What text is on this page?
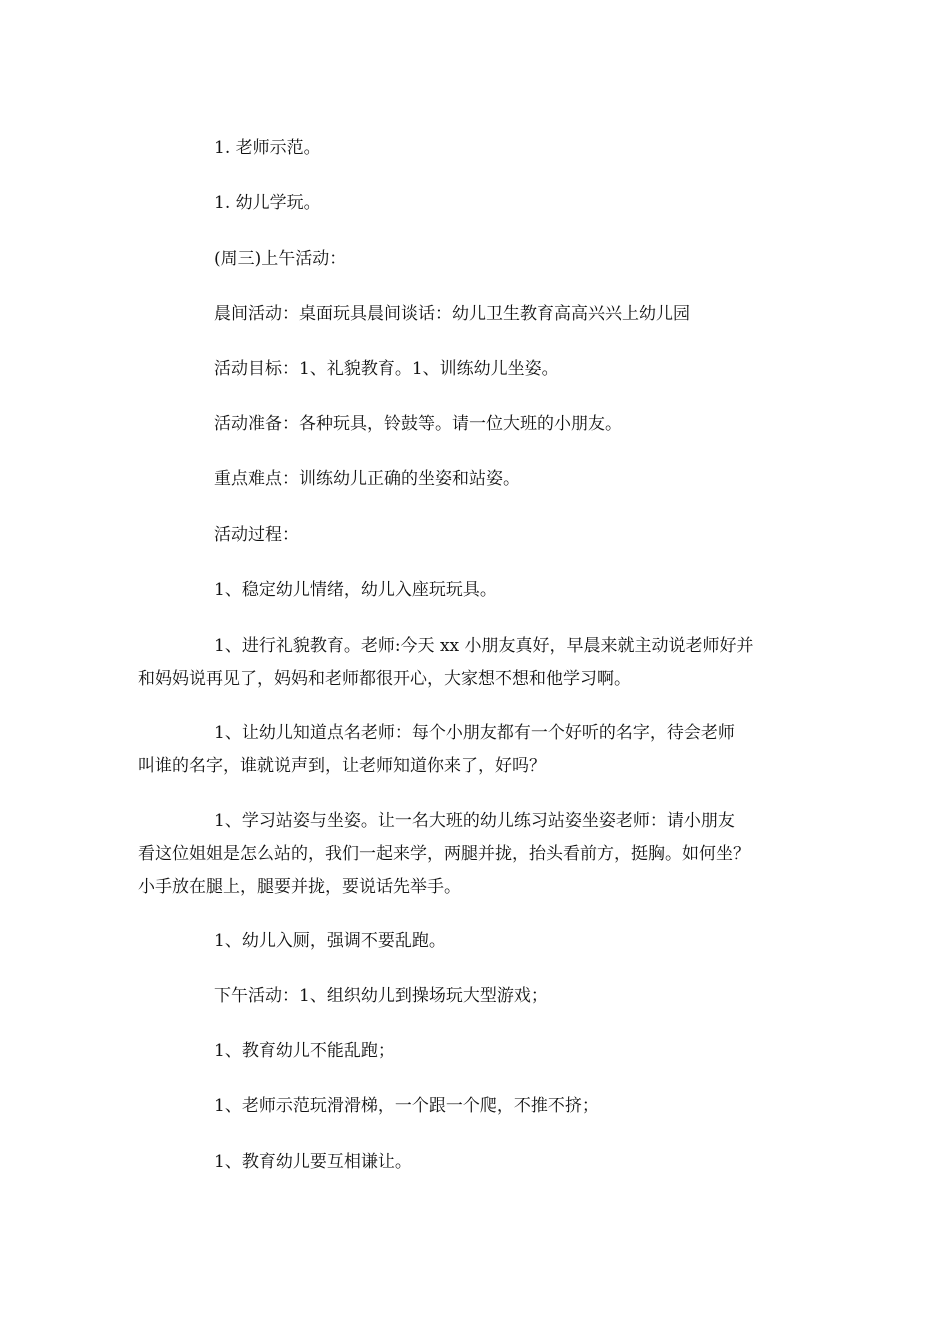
1. 老师示范。

1. 幼儿学玩。

(周三)上午活动：

晨间活动：桌面玩具晨间谈话：幼儿卫生教育高高兴兴上幼儿园

活动目标：1、礼貌教育。1、训练幼儿坐姿。

活动准备：各种玩具，铃鼓等。请一位大班的小朋友。

重点难点：训练幼儿正确的坐姿和站姿。

活动过程：

1、稳定幼儿情绪，幼儿入座玩玩具。

1、进行礼貌教育。老师:今天 xx 小朋友真好，早晨来就主动说老师好并
和妈妈说再见了，妈妈和老师都很开心，大家想不想和他学习啊。
1、让幼儿知道点名老师：每个小朋友都有一个好听的名字，待会老师
叫谁的名字，谁就说声到，让老师知道你来了，好吗？
1、学习站姿与坐姿。让一名大班的幼儿练习站姿坐姿老师：请小朋友
看这位姐姐是怎么站的，我们一起来学，两腿并拢，抬头看前方，挺胸。如何坐？
小手放在腿上，腿要并拢，要说话先举手。

1、幼儿入厕，强调不要乱跑。

下午活动：1、组织幼儿到操场玩大型游戏；

1、教育幼儿不能乱跑；

1、老师示范玩滑滑梯，一个跟一个爬，不推不挤；

1、教育幼儿要互相谦让。
